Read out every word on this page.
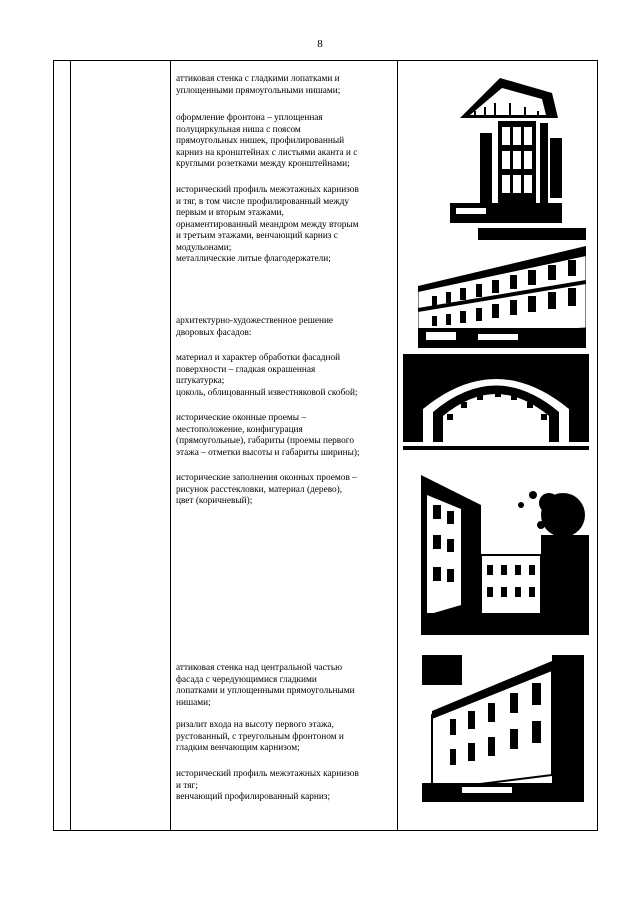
8
аттиковая стенка с гладкими лопатками и
уплощенными прямоугольными нишами;
оформление фронтона – уплощенная
полуциркульная ниша с поясом
прямоугольных нишек, профилированный
карниз на кронштейнах с листьями аканта и с
круглыми розетками между кронштейнами;
исторический профиль межэтажных карнизов
и тяг, в том числе профилированный между
первым и вторым этажами,
орнаментированный меандром между вторым
и третьим этажами, венчающий карниз с
модульонами;
металлические литые флагодержатели;
архитектурно-художественное решение
дворовых фасадов:
материал и характер обработки фасадной
поверхности – гладкая окрашенная
штукатурка;
цоколь, облицованный известняковой скобой;
исторические оконные проемы –
местоположение, конфигурация
(прямоугольные), габариты (проемы первого
этажа – отметки высоты и габариты ширины);
исторические заполнения оконных проемов –
рисунок расстекловки, материал (дерево),
цвет (коричневый);
аттиковая стенка над центральной частью
фасада с чередующимися гладкими
лопатками и уплощенными прямоугольными
нишами;
ризалит входа на высоту первого этажа,
рустованный, с треугольным фронтоном и
гладким венчающим карнизом;
исторический профиль межэтажных карнизов
и тяг;
венчающий профилированный карниз;
